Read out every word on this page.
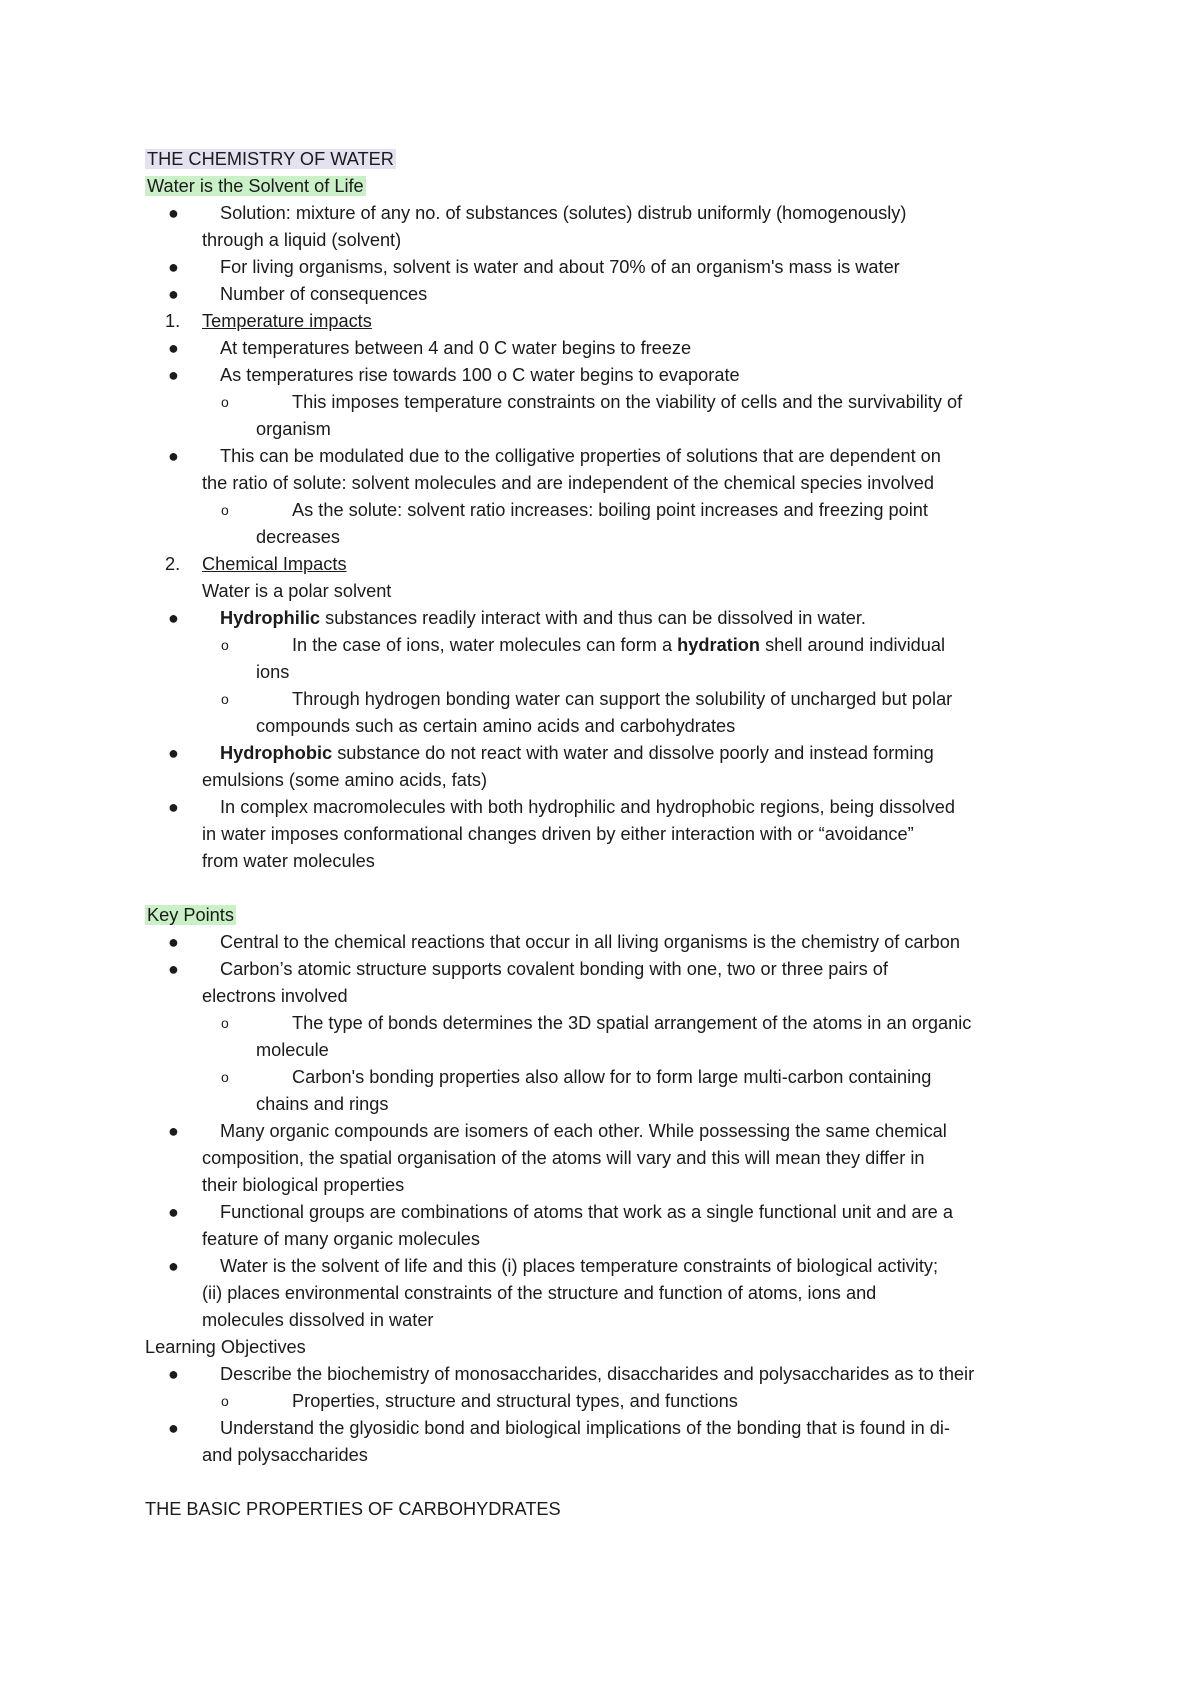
THE CHEMISTRY OF WATER
Water is the Solvent of Life
● Solution: mixture of any no. of substances (solutes) distrub uniformly (homogenously)
through a liquid (solvent)
● For living organisms, solvent is water and about 70% of an organism's mass is water
● Number of consequences
1. Temperature impacts
● At temperatures between 4 and 0 C water begins to freeze
● As temperatures rise towards 100 o C water begins to evaporate
o	This imposes temperature constraints on the viability of cells and the survivability of
organism
● This can be modulated due to the colligative properties of solutions that are dependent on
the ratio of solute: solvent molecules and are independent of the chemical species involved
o	As the solute: solvent ratio increases: boiling point increases and freezing point
decreases
2. Chemical Impacts
Water is a polar solvent
● Hydrophilic substances readily interact with and thus can be dissolved in water.
o	In the case of ions, water molecules can form a hydration shell around individual
ions
o	Through hydrogen bonding water can support the solubility of uncharged but polar
compounds such as certain amino acids and carbohydrates
● Hydrophobic substance do not react with water and dissolve poorly and instead forming
emulsions (some amino acids, fats)
● In complex macromolecules with both hydrophilic and hydrophobic regions, being dissolved
in water imposes conformational changes driven by either interaction with or “avoidance”
from water molecules
Key Points
● Central to the chemical reactions that occur in all living organisms is the chemistry of carbon
● Carbon’s atomic structure supports covalent bonding with one, two or three pairs of
electrons involved
o	The type of bonds determines the 3D spatial arrangement of the atoms in an organic
molecule
o	Carbon's bonding properties also allow for to form large multi-carbon containing
chains and rings
● Many organic compounds are isomers of each other. While possessing the same chemical
composition, the spatial organisation of the atoms will vary and this will mean they differ in
their biological properties
● Functional groups are combinations of atoms that work as a single functional unit and are a
feature of many organic molecules
● Water is the solvent of life and this (i) places temperature constraints of biological activity;
(ii) places environmental constraints of the structure and function of atoms, ions and
molecules dissolved in water
Learning Objectives
● Describe the biochemistry of monosaccharides, disaccharides and polysaccharides as to their
o	Properties, structure and structural types, and functions
● Understand the glyosidic bond and biological implications of the bonding that is found in di-
and polysaccharides
THE BASIC PROPERTIES OF CARBOHYDRATES
